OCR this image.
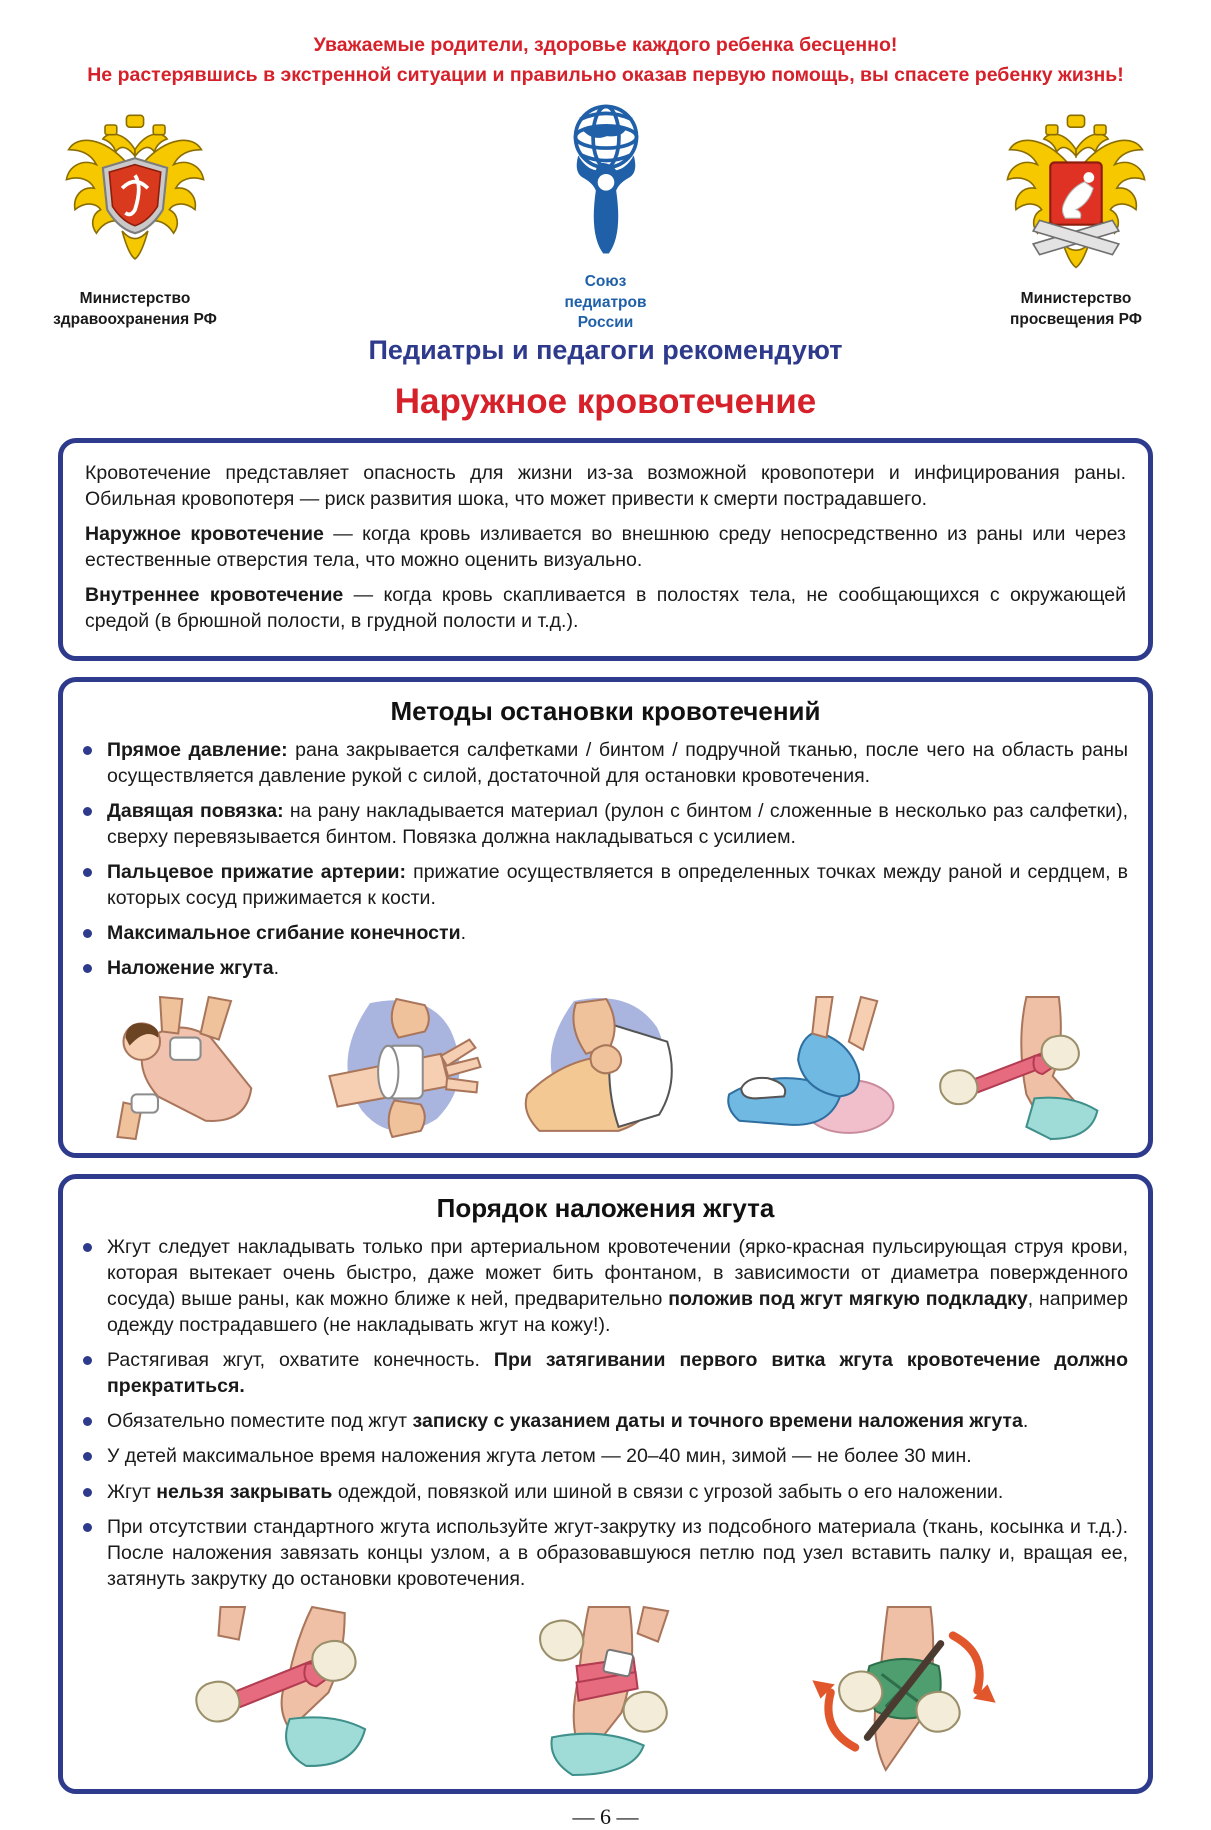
Уважаемые родители, здоровье каждого ребенка бесценно!
Не растерявшись в экстренной ситуации и правильно оказав первую помощь, вы спасете ребенку жизнь!
Министерство
здравоохранения РФ
Союз
педиатров
России
Министерство
просвещения РФ
Педиатры и педагоги рекомендуют
Наружное кровотечение

Кровотечение представляет опасность для жизни из-за возможной кровопотери и инфицирования раны. Обильная кровопотеря — риск развития шока, что может привести к смерти пострадавшего.

Наружное кровотечение — когда кровь изливается во внешнюю среду непосредственно из раны или через естественные отверстия тела, что можно оценить визуально.

Внутреннее кровотечение — когда кровь скапливается в полостях тела, не сообщающихся с окружающей средой (в брюшной полости, в грудной полости и т.д.).

Методы остановки кровотечений
Прямое давление: рана закрывается салфетками / бинтом / подручной тканью, после чего на область раны осуществляется давление рукой с силой, достаточной для остановки кровотечения.
Давящая повязка: на рану накладывается материал (рулон с бинтом / сложенные в несколько раз салфетки), сверху перевязывается бинтом. Повязка должна накладываться с усилием.
Пальцевое прижатие артерии: прижатие осуществляется в определенных точках между раной и сердцем, в которых сосуд прижимается к кости.
Максимальное сгибание конечности.
Наложение жгута.
Порядок наложения жгута
Жгут следует накладывать только при артериальном кровотечении (ярко-красная пульсирующая струя крови, которая вытекает очень быстро, даже может бить фонтаном, в зависимости от диаметра повержденного сосуда) выше раны, как можно ближе к ней, предварительно положив под жгут мягкую подкладку, например одежду пострадавшего (не накладывать жгут на кожу!).
Растягивая жгут, охватите конечность. При затягивании первого витка жгута кровотечение должно прекратиться.
Обязательно поместите под жгут записку с указанием даты и точного времени наложения жгута.
У детей максимальное время наложения жгута летом — 20–40 мин, зимой — не более 30 мин.
Жгут нельзя закрывать одеждой, повязкой или шиной в связи с угрозой забыть о его наложении.
При отсутствии стандартного жгута используйте жгут-закрутку из подсобного материала (ткань, косынка и т.д.). После наложения завязать концы узлом, а в образовавшуюся петлю под узел вставить палку и, вращая ее, затянуть закрутку до остановки кровотечения.
— 6 —
